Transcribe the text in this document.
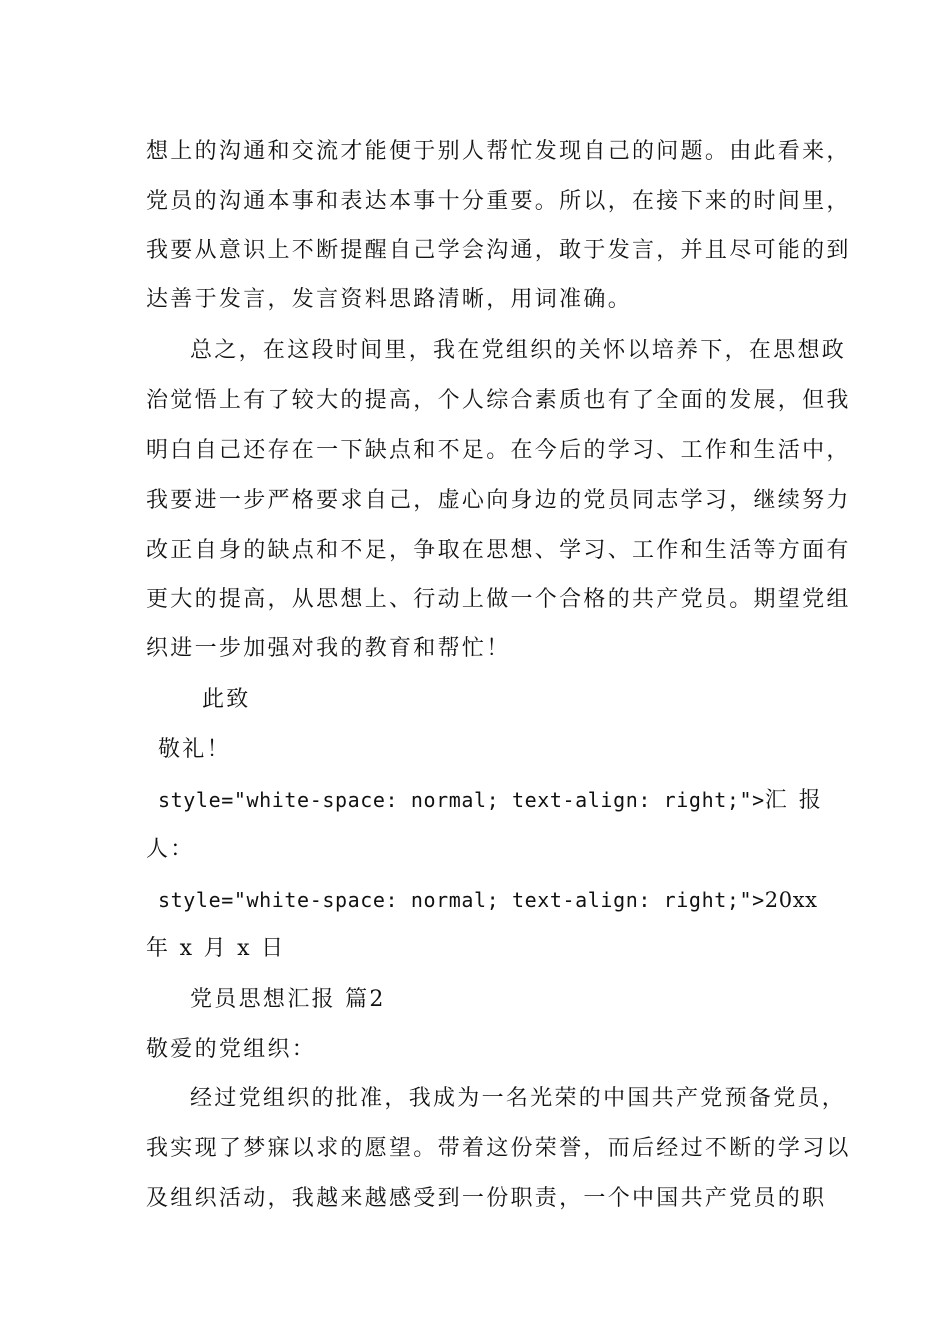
想上的沟通和交流才能便于别人帮忙发现自己的问题。由此看来，
党员的沟通本事和表达本事十分重要。所以，在接下来的时间里，
我要从意识上不断提醒自己学会沟通，敢于发言，并且尽可能的到
达善于发言，发言资料思路清晰，用词准确。
总之，在这段时间里，我在党组织的关怀以培养下，在思想政
治觉悟上有了较大的提高，个人综合素质也有了全面的发展，但我
明白自己还存在一下缺点和不足。在今后的学习、工作和生活中，
我要进一步严格要求自己，虚心向身边的党员同志学习，继续努力
改正自身的缺点和不足，争取在思想、学习、工作和生活等方面有
更大的提高，从思想上、行动上做一个合格的共产党员。期望党组
织进一步加强对我的教育和帮忙！
此致
敬礼！
style="white-space: normal; text-align: right;"> 汇报
人：
style="white-space: normal; text-align: right;"> 20xx
年 x 月 x 日
党员思想汇报 篇2
敬爱的党组织：
经过党组织的批准，我成为一名光荣的中国共产党预备党员，
我实现了梦寐以求的愿望。带着这份荣誉，而后经过不断的学习以
及组织活动，我越来越感受到一份职责，一个中国共产党员的职
